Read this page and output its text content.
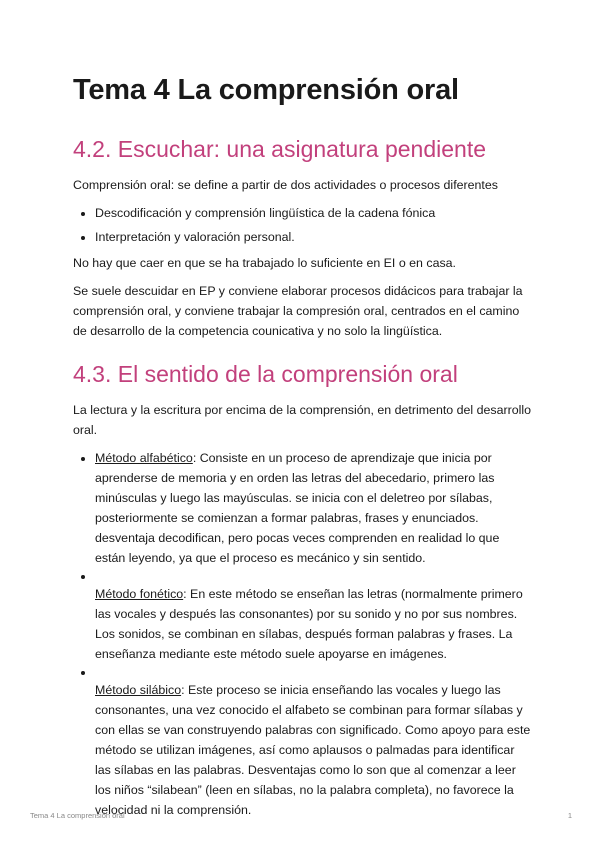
Tema 4 La comprensión oral
4.2. Escuchar: una asignatura pendiente

Comprensión oral: se define a partir de dos actividades o procesos diferentes

• Descodificación y comprensión lingüística de la cadena fónica
• Interpretación y valoración personal.

No hay que caer en que se ha trabajado lo suficiente en EI o en casa.

Se suele descuidar en EP y conviene elaborar procesos didácicos para trabajar la comprensión oral, y conviene trabajar la compresión oral, centrados en el camino de desarrollo de la competencia counicativa y no solo la lingüística.

4.3. El sentido de la comprensión oral

La lectura y la escritura por encima de la comprensión, en detrimento del desarrollo oral.

• Método alfabético: Consiste en un proceso de aprendizaje que inicia por aprenderse de memoria y en orden las letras del abecedario, primero las minúsculas y luego las mayúsculas. se inicia con el deletreo por sílabas, posteriormente se comienzan a formar palabras, frases y enunciados. desventaja decodifican, pero pocas veces comprenden en realidad lo que están leyendo, ya que el proceso es mecánico y sin sentido.
•
Método fonético: En este método se enseñan las letras (normalmente primero las vocales y después las consonantes) por su sonido y no por sus nombres. Los sonidos, se combinan en sílabas, después forman palabras y frases. La enseñanza mediante este método suele apoyarse en imágenes.
•
Método silábico: Este proceso se inicia enseñando las vocales y luego las consonantes, una vez conocido el alfabeto se combinan para formar sílabas y con ellas se van construyendo palabras con significado. Como apoyo para este método se utilizan imágenes, así como aplausos o palmadas para identificar las sílabas en las palabras. Desventajas como lo son que al comenzar a leer los niños “silabean” (leen en sílabas, no la palabra completa), no favorece la velocidad ni la comprensión.
Tema 4 La comprensión oral	1
